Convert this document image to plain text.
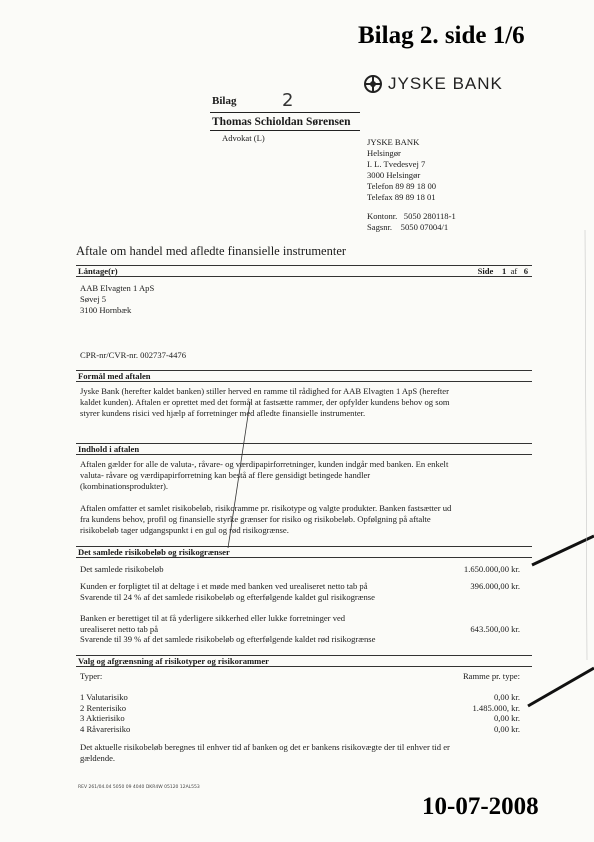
Bilag 2. side 1/6
JYSKE BANK
Bilag	2
Thomas Schioldan Sørensen
Advokat (L)	JYSKE BANK
Helsingør
I. L. Tvedesvej 7
3000 Helsingør
Telefon 89 89 18 00
Telefax 89 89 18 01
Kontonr. 5050 280118-1
Sagsnr. 5050 07004/1
Aftale om handel med afledte finansielle instrumenter
Låntage(r)	Side 1 af 6
AAB Elvagten 1 ApS
Søvej 5
3100 Hornbæk
CPR-nr/CVR-nr. 002737-4476
Formål med aftalen
Jyske Bank (herefter kaldet banken) stiller herved en ramme til rådighed for AAB Elvagten 1 ApS (herefter
kaldet kunden). Aftalen er oprettet med det formål at fastsætte rammer, der opfylder kundens behov og som
styrer kundens risici ved hjælp af forretninger med afledte finansielle instrumenter.
Indhold i aftalen
Aftalen gælder for alle de valuta-, råvare- og værdipapirforretninger, kunden indgår med banken. En enkelt
valuta- råvare og værdipapirforretning kan bestå af flere gensidigt betingede handler
(kombinationsprodukter).
Aftalen omfatter et samlet risikobeløb, risikoramme pr. risikotype og valgte produkter. Banken fastsætter ud
fra kundens behov, profil og finansielle styrke grænser for risiko og risikobeløb. Opfølgning på aftalte
risikobeløb tager udgangspunkt i en gul og rød risikogrænse.
Det samlede risikobeløb og risikogrænser
Det samlede risikobeløb	1.650.000,00 kr.
Kunden er forpligtet til at deltage i et møde med banken ved urealiseret netto tab på
Svarende til 24 % af det samlede risikobeløb og efterfølgende kaldet gul risikogrænse
396.000,00 kr.
Banken er berettiget til at få yderligere sikkerhed eller lukke forretninger ved
urealiseret netto tab på
Svarende til 39 % af det samlede risikobeløb og efterfølgende kaldet rød risikogrænse
643.500,00 kr.
Valg og afgrænsning af risikotyper og risikorammer
Typer:	Ramme pr. type:
1 Valutarisiko	0,00 kr.
2 Renterisiko	1.485.000, kr.
3 Aktierisiko	0,00 kr.
4 Råvarerisiko	0,00 kr.
Det aktuelle risikobeløb beregnes til enhver tid af banken og det er bankens risikovægte der til enhver tid er
gældende.
REV 261/04.04 5050 09 4040 DKR4W 05120 12AL553
10-07-2008
